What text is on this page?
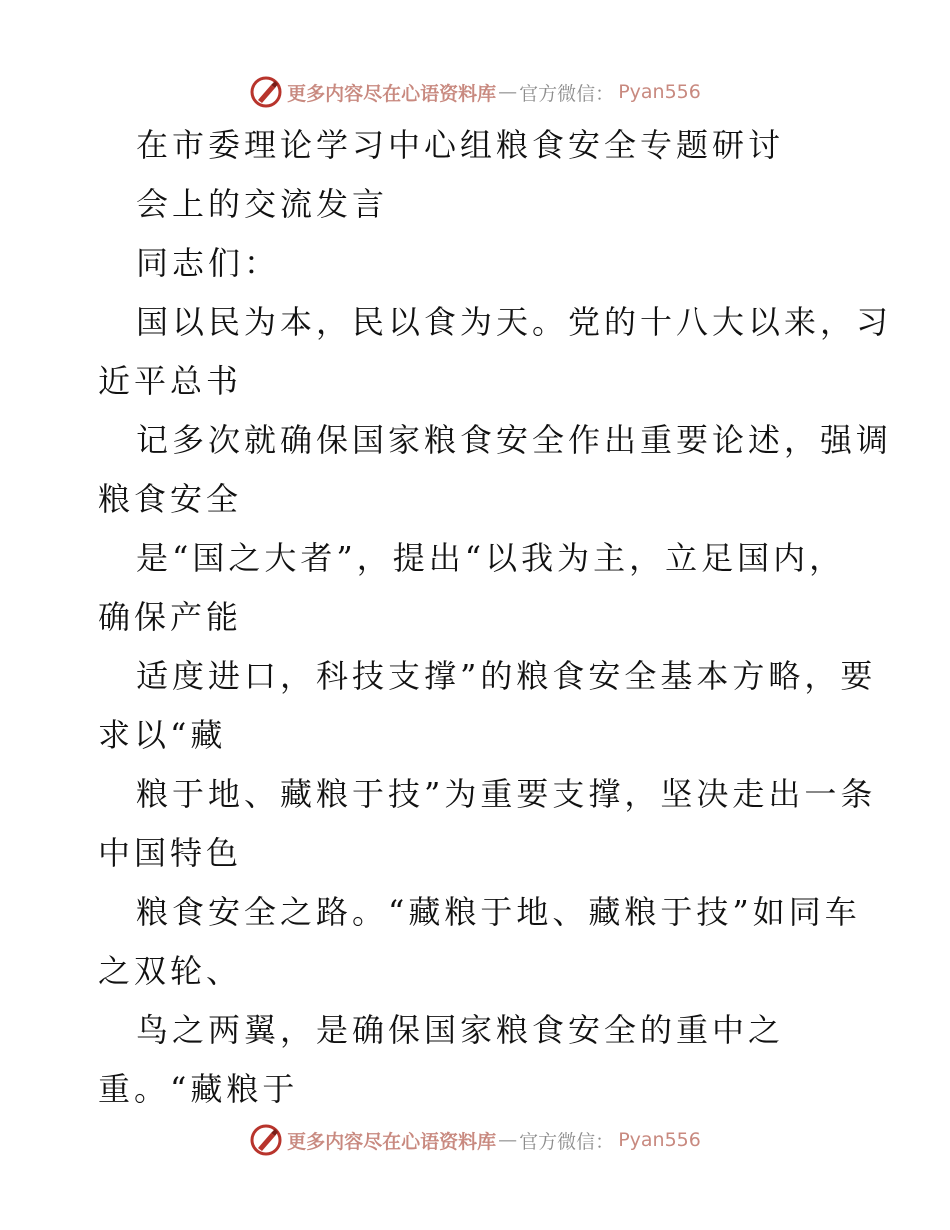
更多内容尽在心语资料库 — 官方微信： Pyan556
在市委理论学习中心组粮食安全专题研讨
会上的交流发言
同志们：
国以民为本，民以食为天。党的十八大以来，习
近平总书
记多次就确保国家粮食安全作出重要论述，强调
粮食安全
是“国之大者”，提出“以我为主，立足国内，
确保产能
适度进口，科技支撑”的粮食安全基本方略，要
求以“藏
粮于地、藏粮于技”为重要支撑，坚决走出一条
中国特色
粮食安全之路。“藏粮于地、藏粮于技”如同车
之双轮、
鸟之两翼，是确保国家粮食安全的重中之
重。“藏粮于
更多内容尽在心语资料库 — 官方微信： Pyan556
